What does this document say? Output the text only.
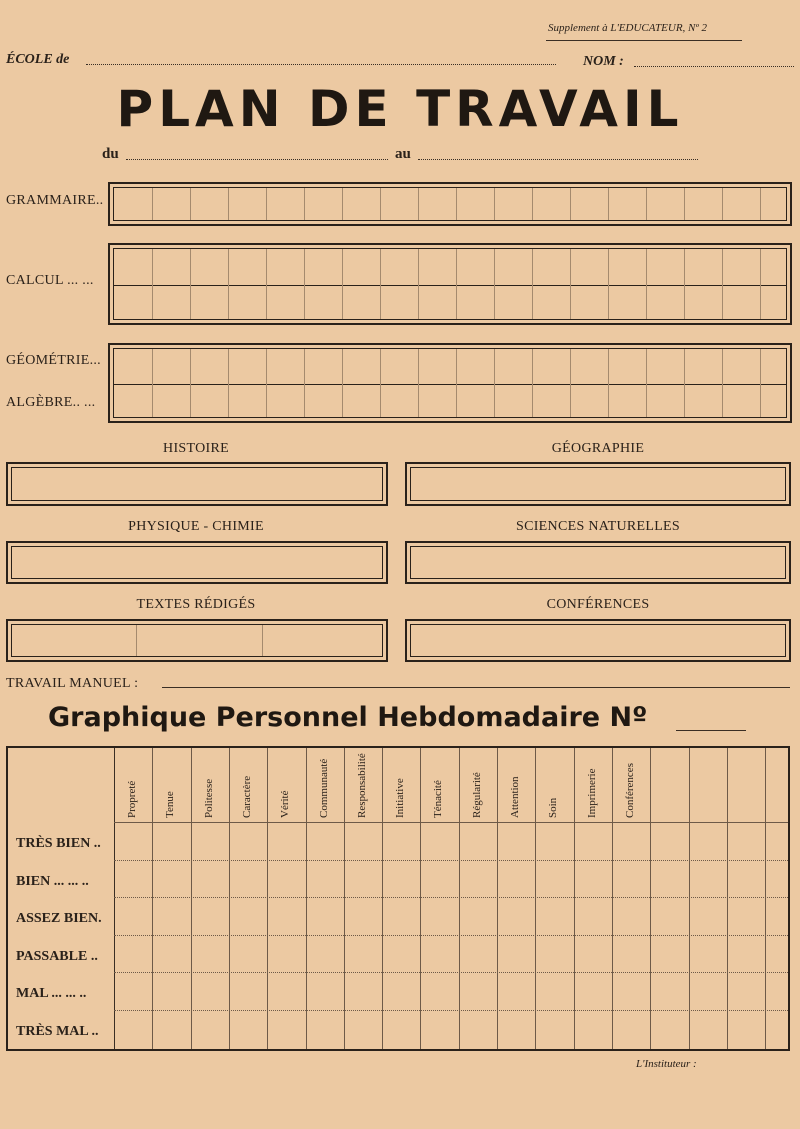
Supplement à L'EDUCATEUR, Nº 2
ÉCOLE de	NOM :
PLAN DE TRAVAIL
du	au
GRAMMAIRE..
CALCUL ... ...
GÉOMÉTRIE...
ALGÈBRE.. ...
HISTOIRE	GÉOGRAPHIE
PHYSIQUE - CHIMIE	SCIENCES NATURELLES
TEXTES RÉDIGÉS	CONFÉRENCES
TRAVAIL MANUEL :
Graphique Personnel Hebdomadaire Nº
Propreté Tenue Politesse Caractère Vérité Communauté Responsabilité Initiative Ténacité Régularité Attention Soin Imprimerie Conférences
TRÈS BIEN ..
BIEN ... ... ..
ASSEZ BIEN.
PASSABLE ..
MAL ... ... ..
TRÈS MAL ..
L'Instituteur :
